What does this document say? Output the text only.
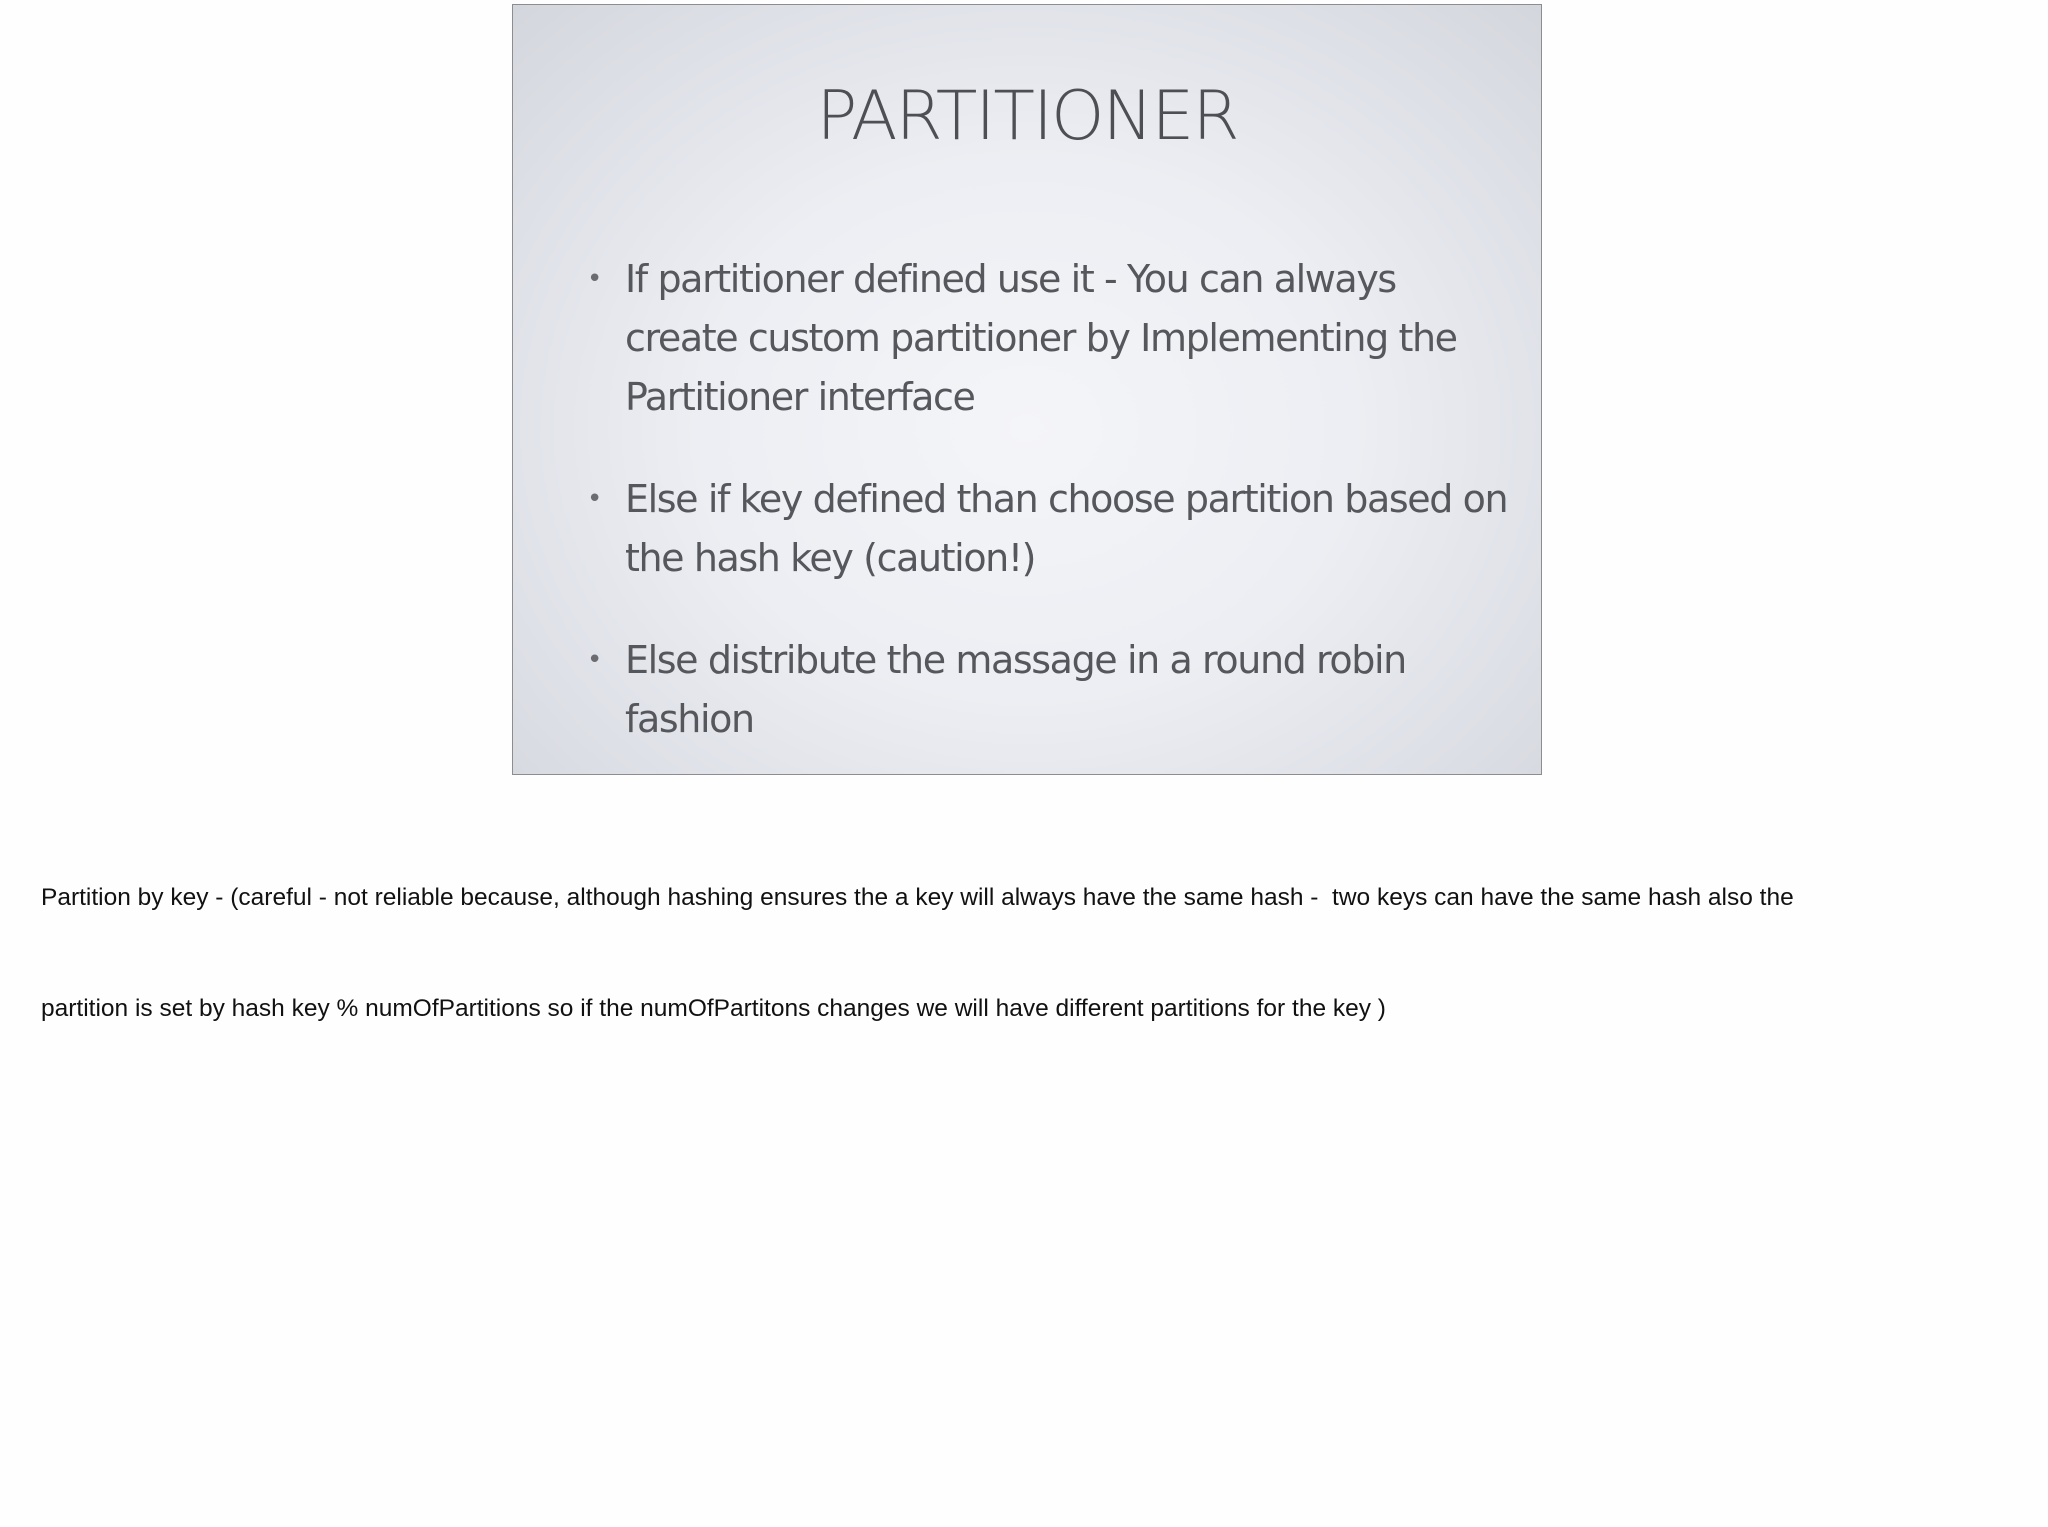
PARTITIONER
• If partitioner defined use it - You can always create custom partitioner by Implementing the Partitioner interface
• Else if key defined than choose partition based on the hash key (caution!)
• Else distribute the massage in a round robin fashion

Partition by key - (careful - not reliable because, although hashing ensures the a key will always have the same hash -  two keys can have the same hash also the

partition is set by hash key % numOfPartitions so if the numOfPartitons changes we will have different partitions for the key )
